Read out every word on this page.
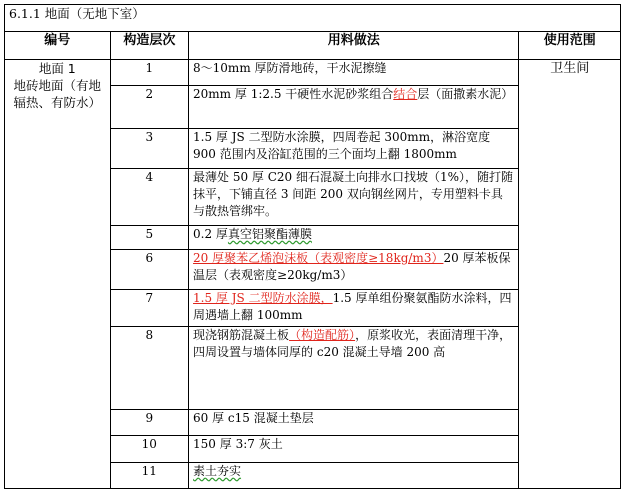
6.1.1 地面（无地下室）			
编号	构造层次	用料做法	使用范围

地面 1
地砖地面（有地
辐热、有防水）	1	8～10mm 厚防滑地砖，干水泥擦缝	卫生间
	2	20mm 厚 1:2.5 干硬性水泥砂浆组合结合层（面撒素水泥）	
	3	1.5 厚 JS 二型防水涂膜，四周卷起 300mm，淋浴宽度 900 范围内及浴缸范围的三个面均上翻 1800mm	
	4	最薄处 50 厚 C20 细石混凝土向排水口找坡（1%），随打随抹平，下铺直径 3 间距 200 双向钢丝网片，专用塑料卡具与散热管绑牢。	
	5	0.2 厚真空铝聚酯薄膜	
	6	20 厚聚苯乙烯泡沫板（表观密度≥18kg/m3）20 厚苯板保温层（表观密度≥20kg/m3）	
	7	1.5 厚 JS 二型防水涂膜，1.5 厚单组份聚氨酯防水涂料，四周遇墙上翻 100mm	
	8	现浇钢筋混凝土板（构造配筋），原浆收光，表面清理干净，四周设置与墙体同厚的 c20 混凝土导墙 200 高	
	9	60 厚 c15 混凝土垫层	
	10	150 厚 3:7 灰土	
	11	素土夯实	
